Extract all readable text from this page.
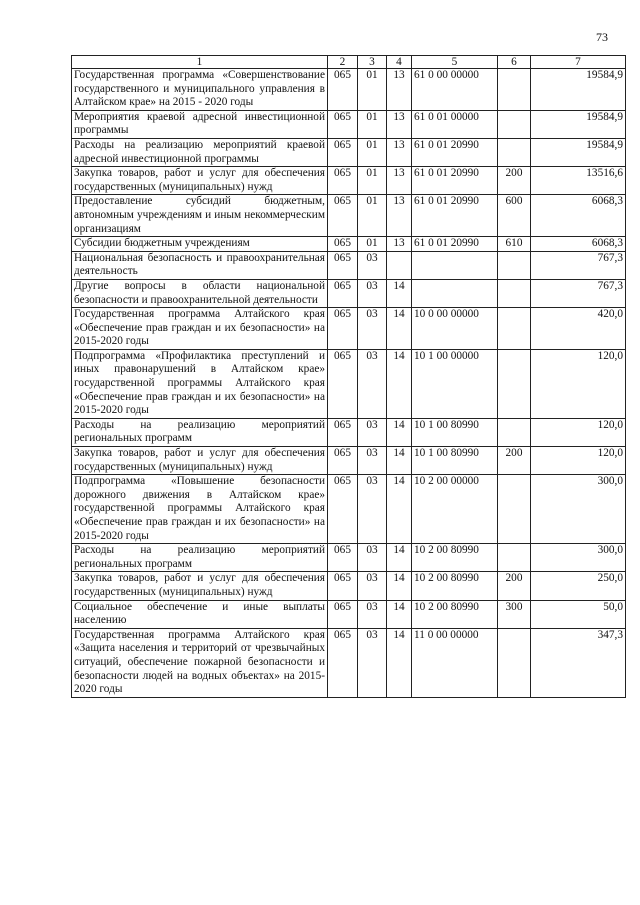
73
1	2	3	4	5	6	7
Государственная программа «Совершенствование государственного и муниципального управления в Алтайском крае» на 2015 - 2020 годы	065	01	13	61 0 00 00000		19584,9
Мероприятия краевой адресной инвестиционной программы	065	01	13	61 0 01 00000		19584,9
Расходы на реализацию мероприятий краевой адресной инвестиционной программы	065	01	13	61 0 01 20990		19584,9
Закупка товаров, работ и услуг для обеспечения государственных (муниципальных) нужд	065	01	13	61 0 01 20990	200	13516,6
Предоставление субсидий бюджетным, автономным учреждениям и иным некоммерческим организациям	065	01	13	61 0 01 20990	600	6068,3
Субсидии бюджетным учреждениям	065	01	13	61 0 01 20990	610	6068,3
Национальная безопасность и правоохранительная деятельность	065	03				767,3
Другие вопросы в области национальной безопасности и правоохранительной деятельности	065	03	14			767,3
Государственная программа Алтайского края «Обеспечение прав граждан и их безопасности» на 2015-2020 годы	065	03	14	10 0 00 00000		420,0
Подпрограмма «Профилактика преступлений и иных правонарушений в Алтайском крае» государственной программы Алтайского края «Обеспечение прав граждан и их безопасности» на 2015-2020 годы	065	03	14	10 1 00 00000		120,0
Расходы на реализацию мероприятий региональных программ	065	03	14	10 1 00 80990		120,0
Закупка товаров, работ и услуг для обеспечения государственных (муниципальных) нужд	065	03	14	10 1 00 80990	200	120,0
Подпрограмма «Повышение безопасности дорожного движения в Алтайском крае» государственной программы Алтайского края «Обеспечение прав граждан и их безопасности» на 2015-2020 годы	065	03	14	10 2 00 00000		300,0
Расходы на реализацию мероприятий региональных программ	065	03	14	10 2 00 80990		300,0
Закупка товаров, работ и услуг для обеспечения государственных (муниципальных) нужд	065	03	14	10 2 00 80990	200	250,0
Социальное обеспечение и иные выплаты населению	065	03	14	10 2 00 80990	300	50,0
Государственная программа Алтайского края «Защита населения и территорий от чрезвычайных ситуаций, обеспечение пожарной безопасности и безопасности людей на водных объектах» на 2015-2020 годы	065	03	14	11 0 00 00000		347,3
